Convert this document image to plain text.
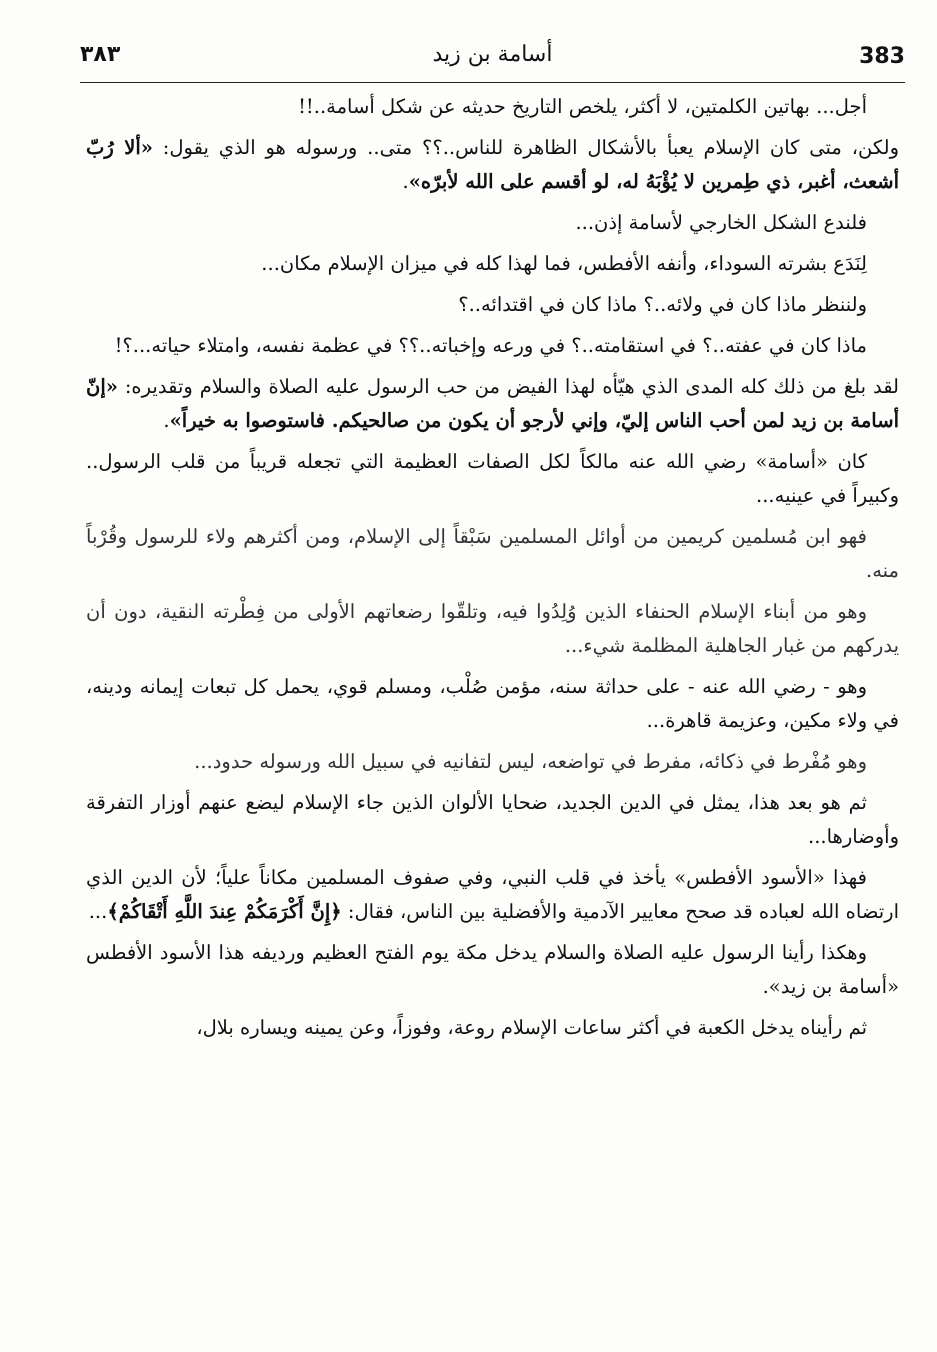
383
أسامة بن زيد
٣٨٣

أجل... بهاتين الكلمتين، لا أكثر، يلخص التاريخ حديثه عن شكل أسامة..!!

ولكن، متى كان الإسلام يعبأ بالأشكال الظاهرة للناس..؟؟ متى.. ورسوله هو الذي يقول: «ألا رُبّ أشعث، أغبر، ذي طِمرين لا يُؤْبَهُ له، لو أقسم على الله لأبرّه».

فلندع الشكل الخارجي لأسامة إذن...

لِنَدَع بشرته السوداء، وأنفه الأفطس، فما لهذا كله في ميزان الإسلام مكان...

ولننظر ماذا كان في ولائه..؟ ماذا كان في اقتدائه..؟

ماذا كان في عفته..؟ في استقامته..؟ في ورعه وإخباته..؟؟ في عظمة نفسه، وامتلاء حياته...؟!

لقد بلغ من ذلك كله المدى الذي هيّأه لهذا الفيض من حب الرسول عليه الصلاة والسلام وتقديره: «إنّ أسامة بن زيد لمن أحب الناس إليّ، وإني لأرجو أن يكون من صالحيكم. فاستوصوا به خيراً».

كان «أسامة» رضي الله عنه مالكاً لكل الصفات العظيمة التي تجعله قريباً من قلب الرسول.. وكبيراً في عينيه...

فهو ابن مُسلمين كريمين من أوائل المسلمين سَبْقاً إلى الإسلام، ومن أكثرهم ولاء للرسول وقُرْباً منه.

وهو من أبناء الإسلام الحنفاء الذين وُلِدُوا فيه، وتلقّوا رضعاتهم الأولى من فِطْرته النقية، دون أن يدركهم من غبار الجاهلية المظلمة شيء...

وهو - رضي الله عنه - على حداثة سنه، مؤمن صُلْب، ومسلم قوي، يحمل كل تبعات إيمانه ودينه، في ولاء مكين، وعزيمة قاهرة...

وهو مُفْرط في ذكائه، مفرط في تواضعه، ليس لتفانيه في سبيل الله ورسوله حدود...

ثم هو بعد هذا، يمثل في الدين الجديد، ضحايا الألوان الذين جاء الإسلام ليضع عنهم أوزار التفرقة وأوضارها...

فهذا «الأسود الأفطس» يأخذ في قلب النبي، وفي صفوف المسلمين مكاناً علياً؛ لأن الدين الذي ارتضاه الله لعباده قد صحح معايير الآدمية والأفضلية بين الناس، فقال: ﴿إِنَّ أَكْرَمَكُمْ عِندَ اللَّهِ أَتْقَاكُمْ﴾...

وهكذا رأينا الرسول عليه الصلاة والسلام يدخل مكة يوم الفتح العظيم ورديفه هذا الأسود الأفطس «أسامة بن زيد».

ثم رأيناه يدخل الكعبة في أكثر ساعات الإسلام روعة، وفوزاً، وعن يمينه ويساره بلال،
